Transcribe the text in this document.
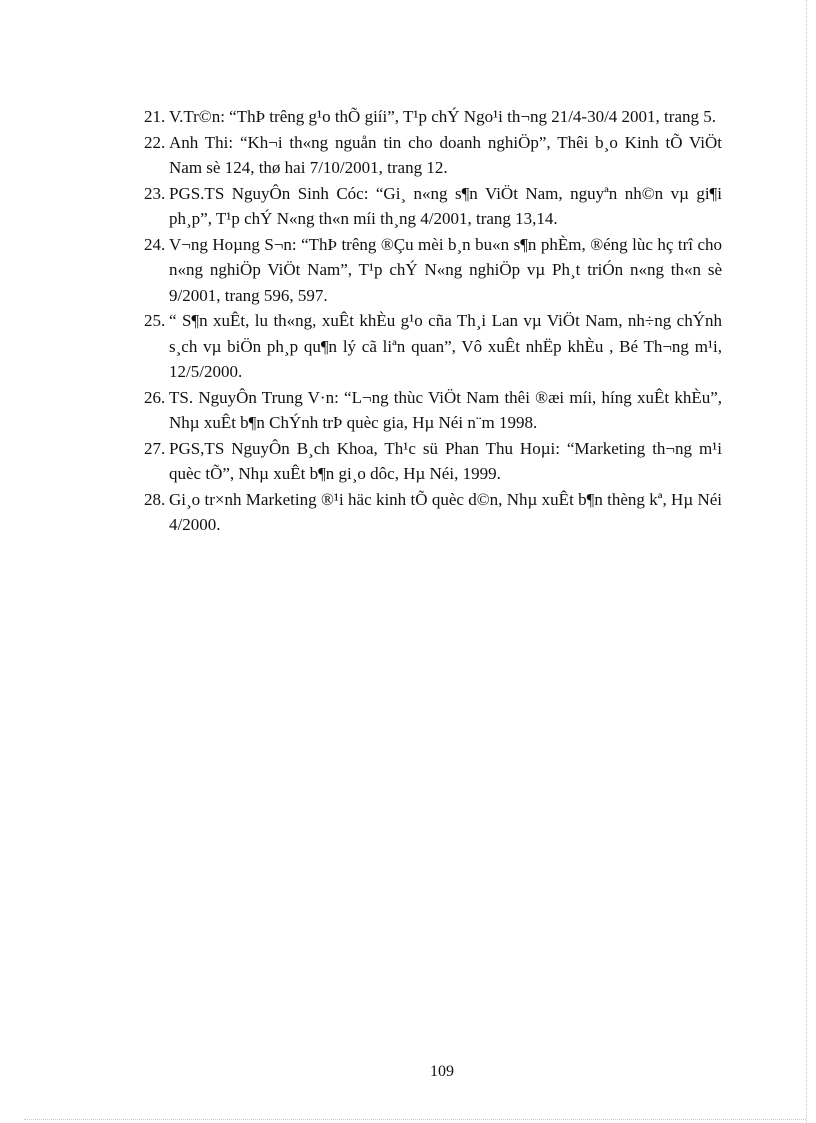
21. V.Tr©n: “ThÞ trêng g¹o thÕ giíi”, T¹p chÝ Ngo¹i th¬ng 21/4-30/4 2001, trang 5.
22. Anh Thi: “Kh¬i th«ng nguån tin cho doanh nghiÖp”, Thêi b¸o Kinh tÕ ViÖt Nam sè 124, thø hai 7/10/2001, trang 12.
23. PGS.TS NguyÔn Sinh Cóc: “Gi¸ n«ng s¶n ViÖt Nam, nguyªn nh©n vµ gi¶i ph¸p”, T¹p chÝ N«ng th«n míi th¸ng 4/2001, trang 13,14.
24. V¬ng Hoµng S¬n: “ThÞ trêng ®Çu mèi b¸n bu«n s¶n phÈm, ®éng lùc hç trî cho n«ng nghiÖp ViÖt Nam”, T¹p chÝ N«ng nghiÖp vµ Ph¸t triÓn n«ng th«n sè 9/2001, trang 596, 597.
25. “ S¶n xuÊt, lu th«ng, xuÊt khÈu g¹o cña Th¸i Lan vµ ViÖt Nam, nh÷ng chÝnh s¸ch vµ biÖn ph¸p qu¶n lý cã liªn quan”, Vô xuÊt nhËp khÈu , Bé Th¬ng m¹i, 12/5/2000.
26. TS. NguyÔn Trung V·n: “L¬ng thùc ViÖt Nam thêi ®æi míi, híng xuÊt khÈu”, Nhµ xuÊt b¶n ChÝnh trÞ quèc gia, Hµ Néi n¨m 1998.
27. PGS,TS NguyÔn B¸ch Khoa, Th¹c sü Phan Thu Hoµi: “Marketing th¬ng m¹i quèc tÕ”, Nhµ xuÊt b¶n gi¸o dôc, Hµ Néi, 1999.
28. Gi¸o tr×nh Marketing ®¹i häc kinh tÕ quèc d©n, Nhµ xuÊt b¶n thèng kª, Hµ Néi 4/2000.
109
